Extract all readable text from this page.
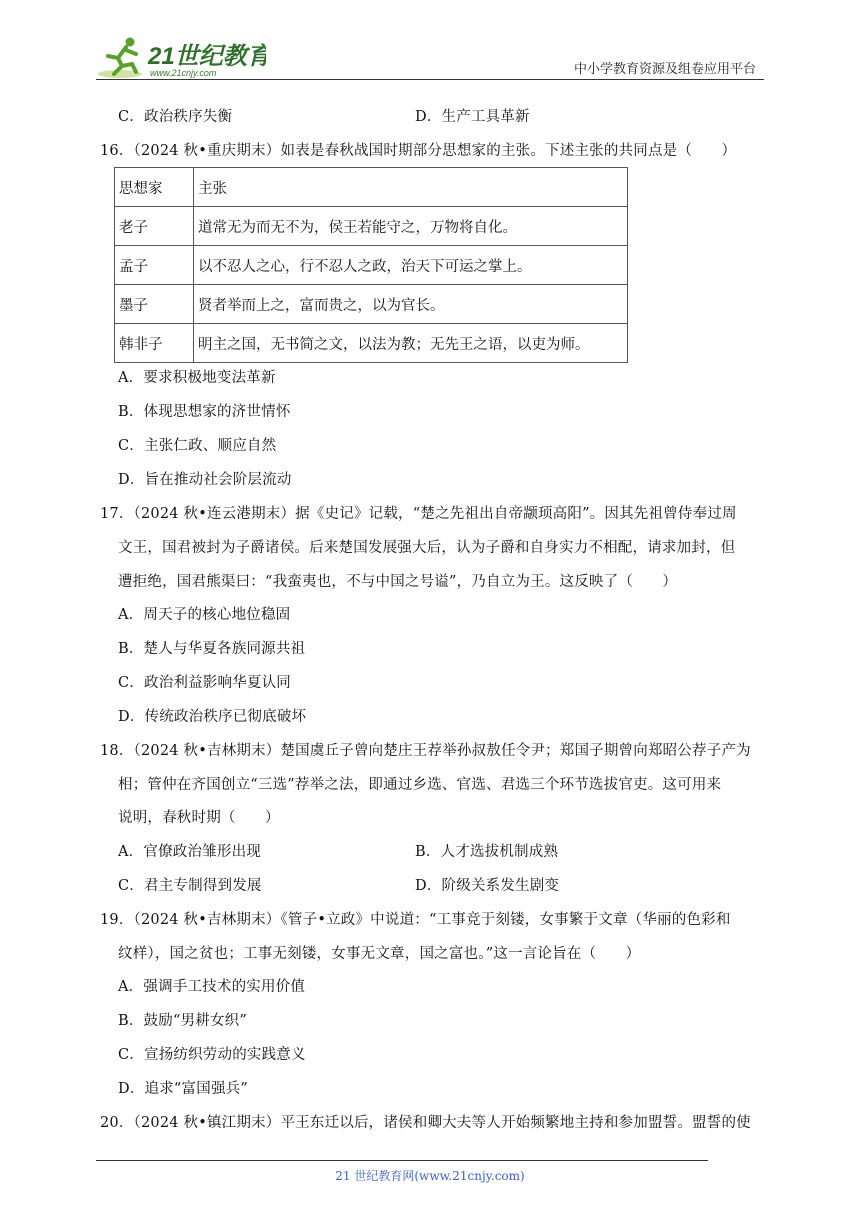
21世纪教育
www.21cnjy.com	中小学教育资源及组卷应用平台
C．政治秩序失衡	D．生产工具革新
16．（2024 秋•重庆期末）如表是春秋战国时期部分思想家的主张。下述主张的共同点是（　　）
思想家	主张
老子	道常无为而无不为，侯王若能守之，万物将自化。
孟子	以不忍人之心，行不忍人之政，治天下可运之掌上。
墨子	贤者举而上之，富而贵之，以为官长。
韩非子	明主之国，无书简之文，以法为教；无先王之语，以吏为师。
A．要求积极地变法革新
B．体现思想家的济世情怀
C．主张仁政、顺应自然
D．旨在推动社会阶层流动
17．（2024 秋•连云港期末）据《史记》记载，“楚之先祖出自帝颛顼高阳”。因其先祖曾侍奉过周
文王，国君被封为子爵诸侯。后来楚国发展强大后，认为子爵和自身实力不相配，请求加封，但
遭拒绝，国君熊渠曰：“我蛮夷也，不与中国之号谥”，乃自立为王。这反映了（　　）
A．周天子的核心地位稳固
B．楚人与华夏各族同源共祖
C．政治利益影响华夏认同
D．传统政治秩序已彻底破坏
18．（2024 秋•吉林期末）楚国虞丘子曾向楚庄王荐举孙叔敖任令尹；郑国子期曾向郑昭公荐子产为
相；管仲在齐国创立“三选”荐举之法，即通过乡选、官选、君选三个环节选拔官吏。这可用来
说明，春秋时期（　　）
A．官僚政治雏形出现	B．人才选拔机制成熟
C．君主专制得到发展	D．阶级关系发生剧变
19．（2024 秋•吉林期末）《管子•立政》中说道：“工事竞于刻镂，女事繁于文章（华丽的色彩和
纹样），国之贫也；工事无刻镂，女事无文章，国之富也。”这一言论旨在（　　）
A．强调手工技术的实用价值
B．鼓励“男耕女织”
C．宣扬纺织劳动的实践意义
D．追求“富国强兵”
20．（2024 秋•镇江期末）平王东迁以后，诸侯和卿大夫等人开始频繁地主持和参加盟誓。盟誓的使
21 世纪教育网(www.21cnjy.com)
